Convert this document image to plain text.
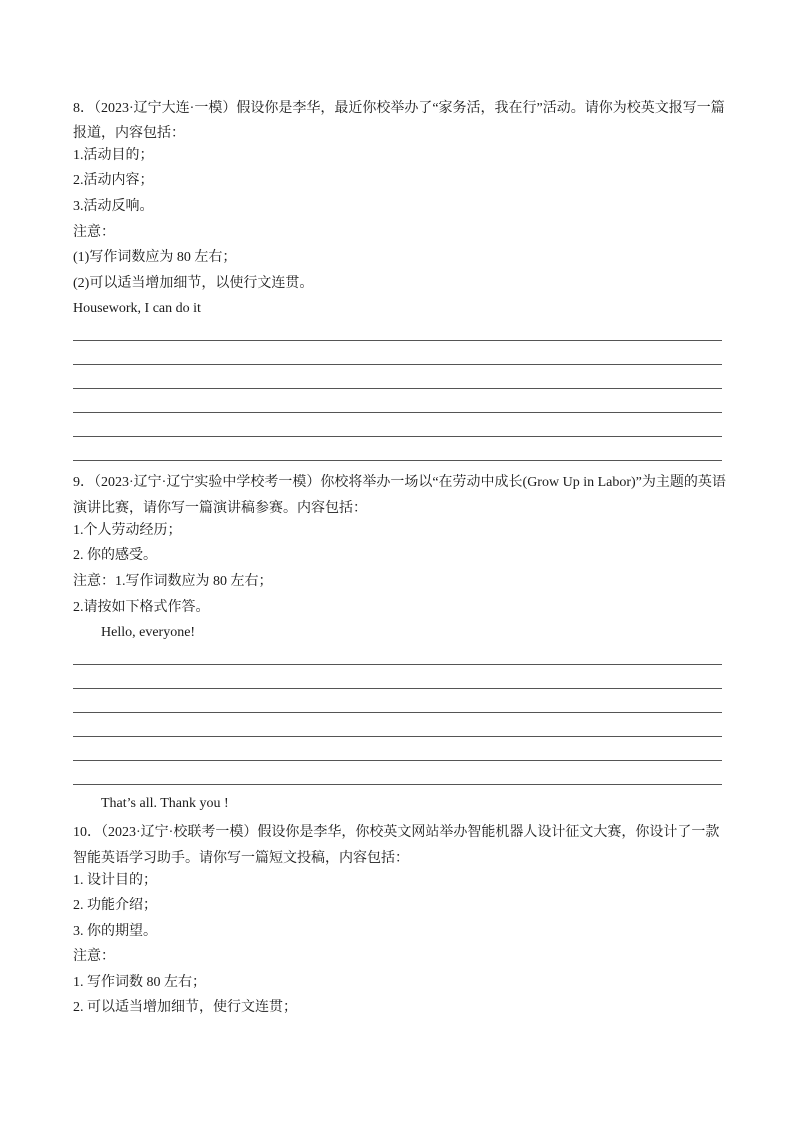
8．（2023·辽宁大连·一模）假设你是李华，最近你校举办了“家务活，我在行”活动。请你为校英文报写一篇报道，内容包括：
1.活动目的；
2.活动内容；
3.活动反响。
注意：
(1)写作词数应为 80 左右；
(2)可以适当增加细节，以使行文连贯。
Housework, I can do it
9．（2023·辽宁·辽宁实验中学校考一模）你校将举办一场以“在劳动中成长(Grow Up in Labor)”为主题的英语演讲比赛，请你写一篇演讲稿参赛。内容包括：
1.个人劳动经历；
2. 你的感受。
注意：1.写作词数应为 80 左右；
2.请按如下格式作答。
Hello, everyone!
That’s all. Thank you !
10．（2023·辽宁·校联考一模）假设你是李华，你校英文网站举办智能机器人设计征文大赛，你设计了一款智能英语学习助手。请你写一篇短文投稿，内容包括：
1. 设计目的；
2. 功能介绍；
3. 你的期望。
注意：
1. 写作词数 80 左右；
2. 可以适当增加细节，使行文连贯；
